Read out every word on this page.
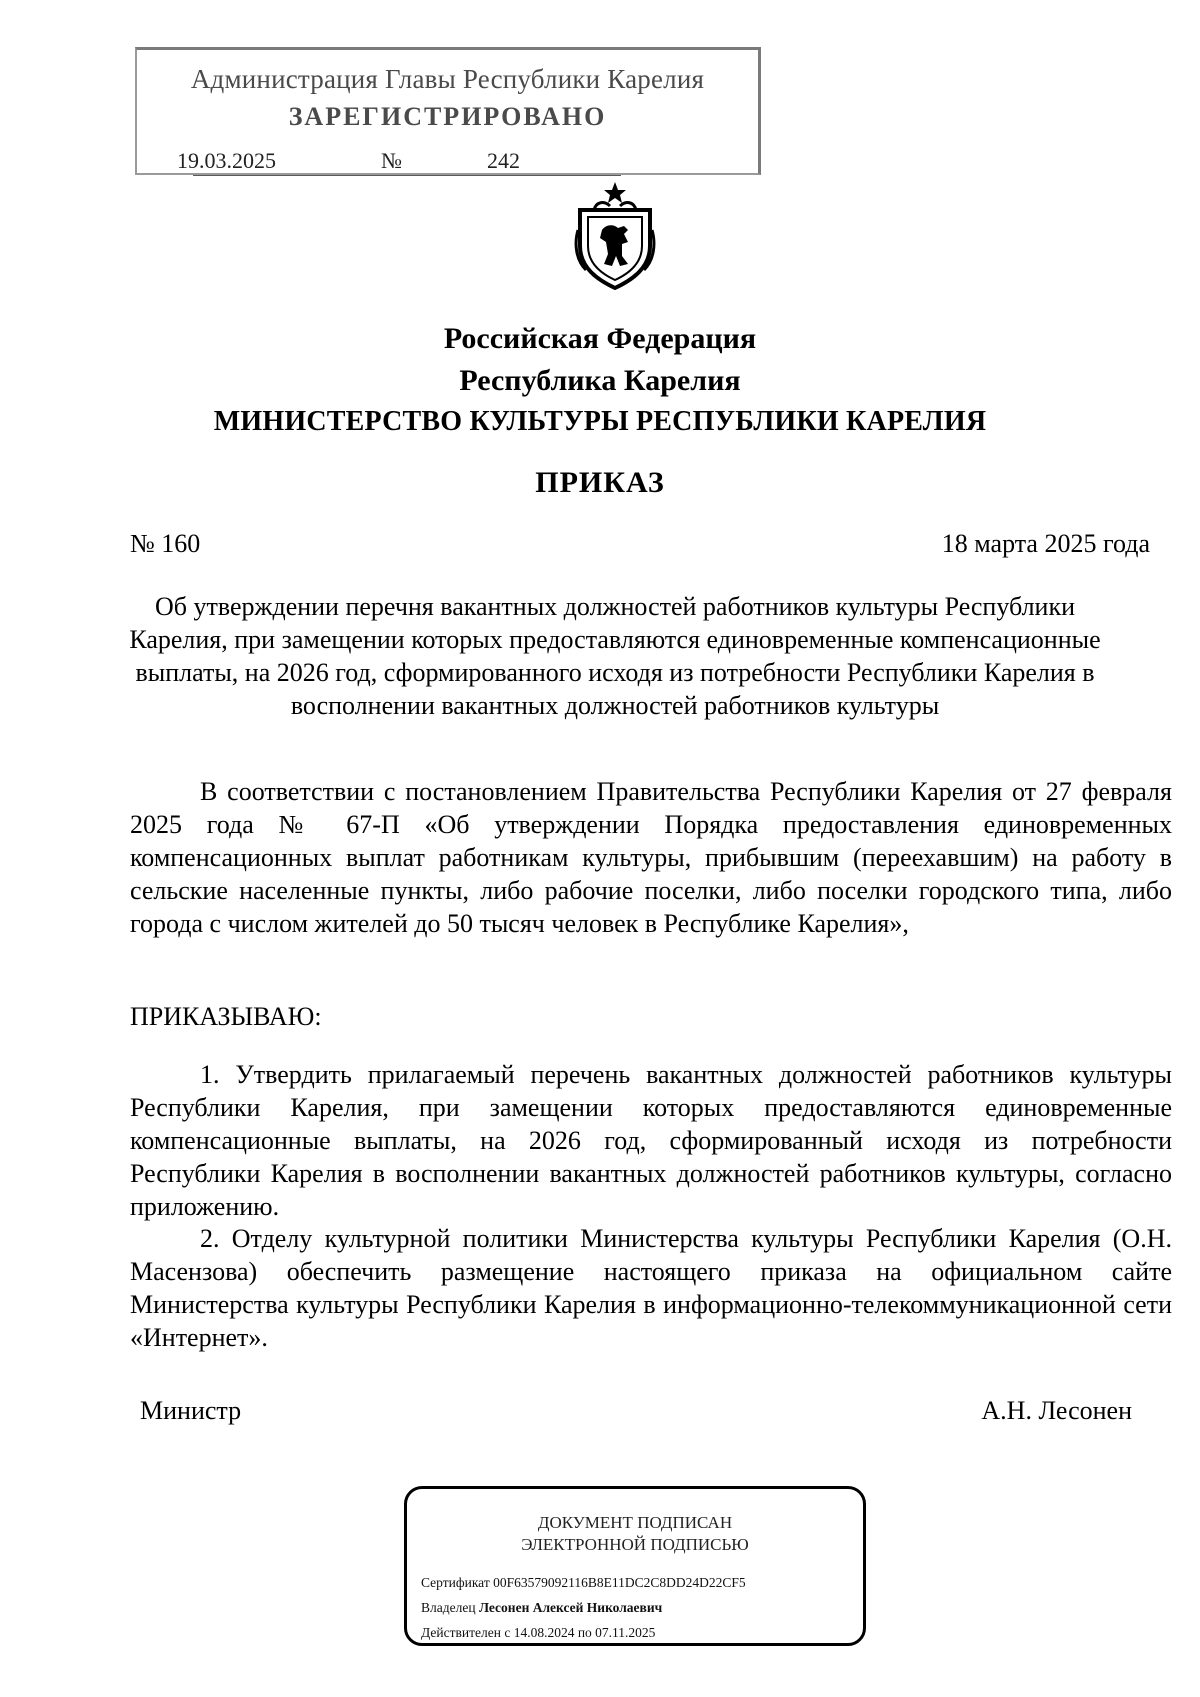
Администрация Главы Республики Карелия
ЗАРЕГИСТРИРОВАНО
19.03.2025	№	242
Российская Федерация
Республика Карелия
МИНИСТЕРСТВО КУЛЬТУРЫ РЕСПУБЛИКИ КАРЕЛИЯ
ПРИКАЗ
№ 160	18 марта 2025 года
Об утверждении перечня вакантных должностей работников культуры Республики Карелия, при замещении которых предоставляются единовременные компенсационные выплаты, на 2026 год, сформированного исходя из потребности Республики Карелия в восполнении вакантных должностей работников культуры
В соответствии с постановлением Правительства Республики Карелия от 27 февраля 2025 года № 67-П «Об утверждении Порядка предоставления единовременных компенсационных выплат работникам культуры, прибывшим (переехавшим) на работу в сельские населенные пункты, либо рабочие поселки, либо поселки городского типа, либо города с числом жителей до 50 тысяч человек в Республике Карелия»,
ПРИКАЗЫВАЮ:
1. Утвердить прилагаемый перечень вакантных должностей работников культуры Республики Карелия, при замещении которых предоставляются единовременные компенсационные выплаты, на 2026 год, сформированный исходя из потребности Республики Карелия в восполнении вакантных должностей работников культуры, согласно приложению.
2. Отделу культурной политики Министерства культуры Республики Карелия (О.Н. Масензова) обеспечить размещение настоящего приказа на официальном сайте Министерства культуры Республики Карелия в информационно-телекоммуникационной сети «Интернет».
Министр	А.Н. Лесонен
ДОКУМЕНТ ПОДПИСАН
ЭЛЕКТРОННОЙ ПОДПИСЬЮ
Сертификат 00F63579092116B8E11DC2C8DD24D22CF5
Владелец Лесонен Алексей Николаевич
Действителен с 14.08.2024 по 07.11.2025
